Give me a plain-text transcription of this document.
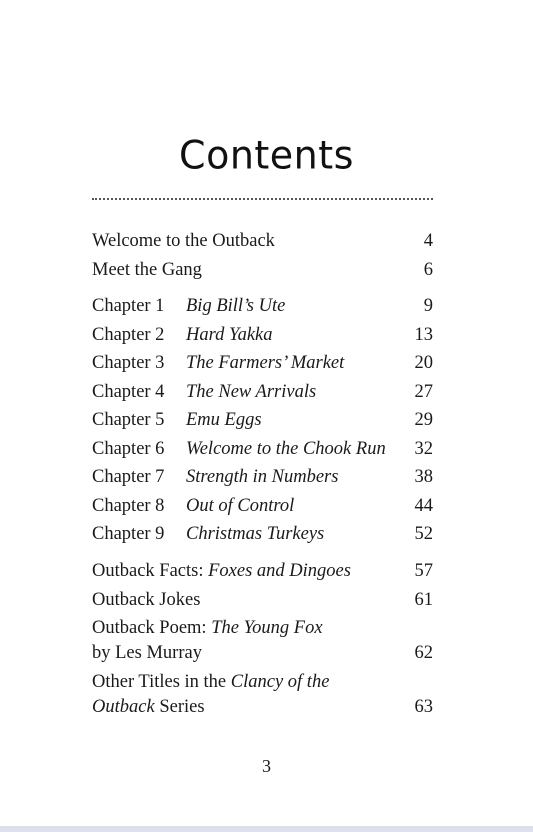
Contents
Welcome to the Outback	4
Meet the Gang	6
Chapter 1 Big Bill’s Ute	9
Chapter 2 Hard Yakka	13
Chapter 3 The Farmers’ Market	20
Chapter 4 The New Arrivals	27
Chapter 5 Emu Eggs	29
Chapter 6 Welcome to the Chook Run 32
Chapter 7 Strength in Numbers	38
Chapter 8 Out of Control	44
Chapter 9 Christmas Turkeys	52
Outback Facts: Foxes and Dingoes	57
Outback Jokes	61
Outback Poem: The Young Fox
by Les Murray	62
Other Titles in the Clancy of the
Outback Series	63
3
